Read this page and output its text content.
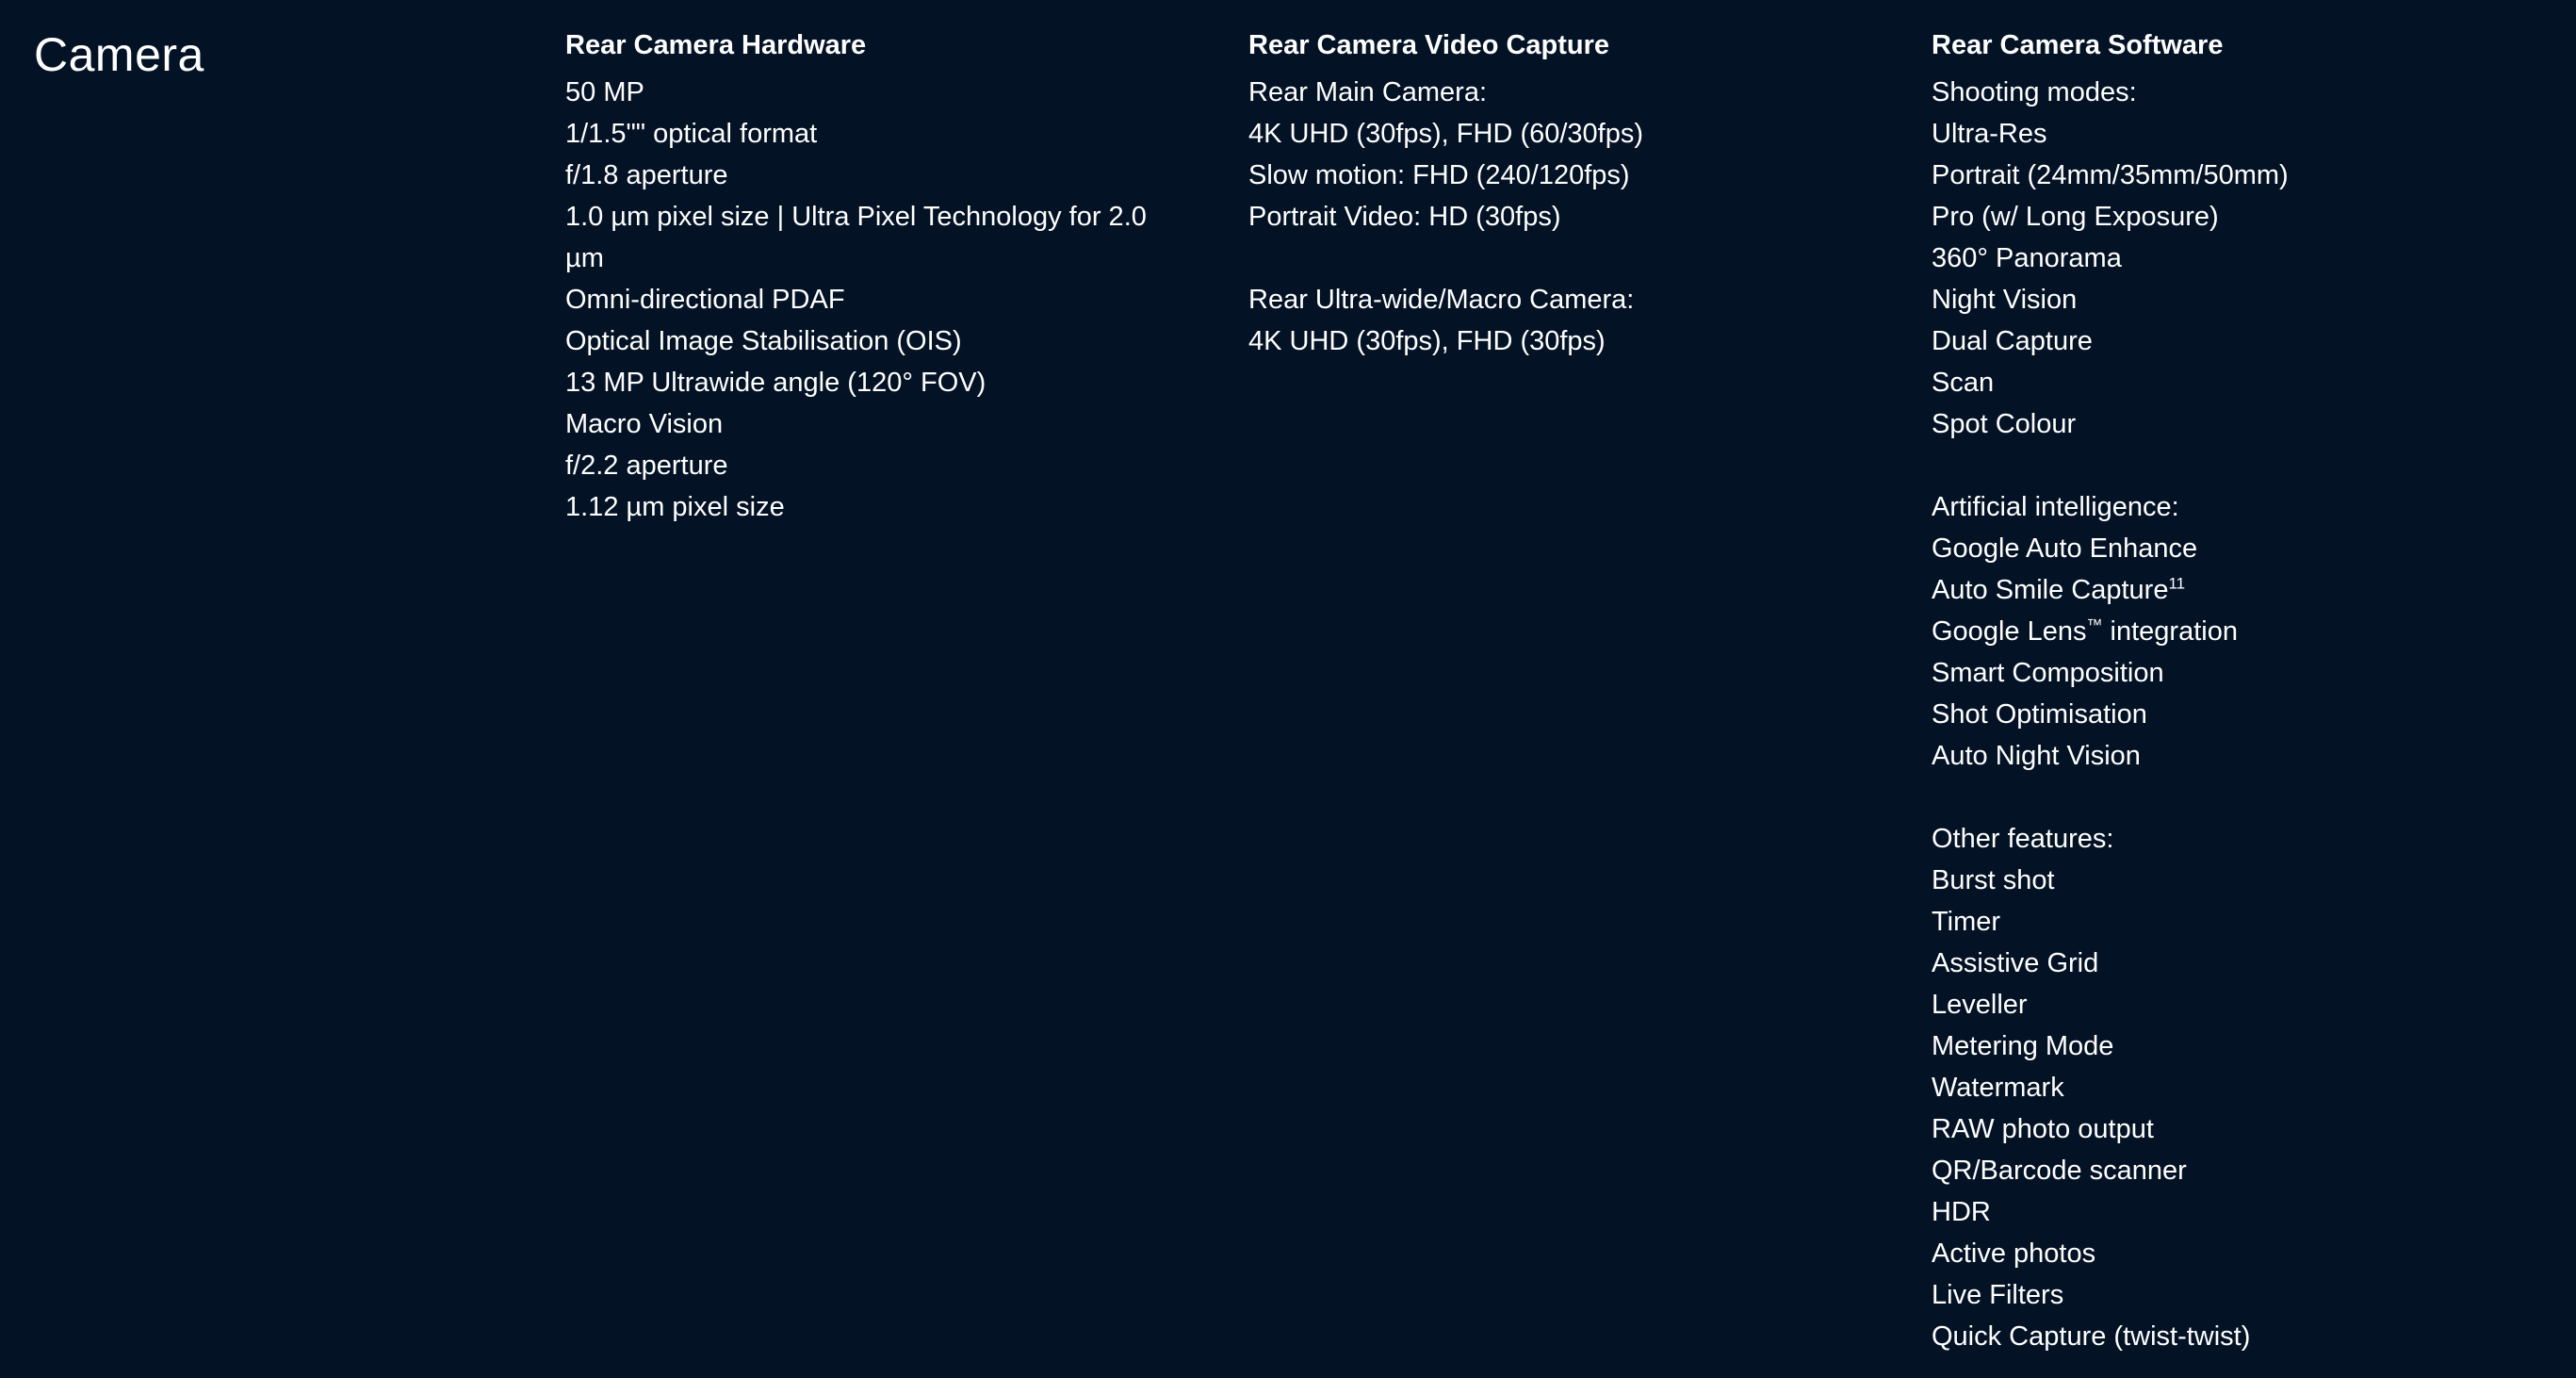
Camera	Rear Camera Hardware
50 MP
1/1.5"" optical format
f/1.8 aperture
1.0 µm pixel size | Ultra Pixel Technology for 2.0 µm
Omni-directional PDAF
Optical Image Stabilisation (OIS)
13 MP Ultrawide angle (120° FOV)
Macro Vision
f/2.2 aperture
1.12 µm pixel size
Rear Camera Video Capture
Rear Main Camera:
4K UHD (30fps), FHD (60/30fps)
Slow motion: FHD (240/120fps)
Portrait Video: HD (30fps)
Rear Ultra-wide/Macro Camera:
4K UHD (30fps), FHD (30fps)
Rear Camera Software
Shooting modes:
Ultra-Res
Portrait (24mm/35mm/50mm)
Pro (w/ Long Exposure)
360° Panorama
Night Vision
Dual Capture
Scan
Spot Colour
Artificial intelligence:
Google Auto Enhance
Auto Smile Capture$^{11}$
Google Lens™ integration
Smart Composition
Shot Optimisation
Auto Night Vision
Other features:
Burst shot
Timer
Assistive Grid
Leveller
Metering Mode
Watermark
RAW photo output
QR/Barcode scanner
HDR
Active photos
Live Filters
Quick Capture (twist-twist)
